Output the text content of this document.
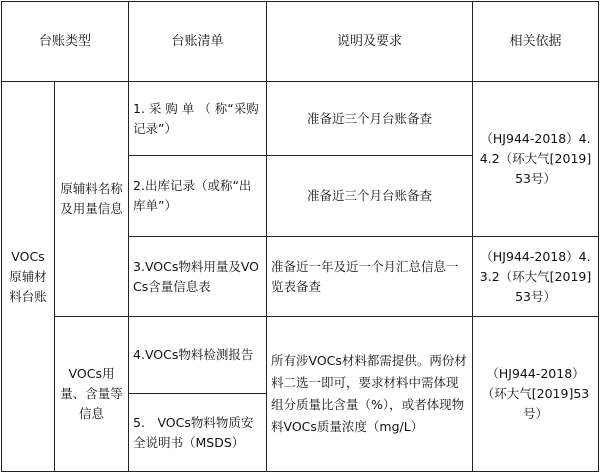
台账类型		台账清单	说明及要求	相关依据
VOCs原辅材料台账	原辅料名称及用量信息	1. 采 购 单 （ 称“采购记录”）	准备近三个月台账备查	（HJ944-2018）4.4.2（环大气[2019]53号）
		2.出库记录（或称“出库单”）	准备近三个月台账备查	
		3.VOCs物料用量及VOCs含量信息表	准备近一年及近一个月汇总信息一览表备查	（HJ944-2018）4.3.2（环大气[2019]53号）
	VOCs用量、含量等信息	4.VOCs物料检测报告	所有涉VOCs材料都需提供。两份材料二选一即可，要求材料中需体现组分质量比含量（%），或者体现物料VOCs质量浓度（mg/L）	（HJ944-2018）（环大气[2019]53号）
		5.　VOCs物料物质安全说明书（MSDS）		
